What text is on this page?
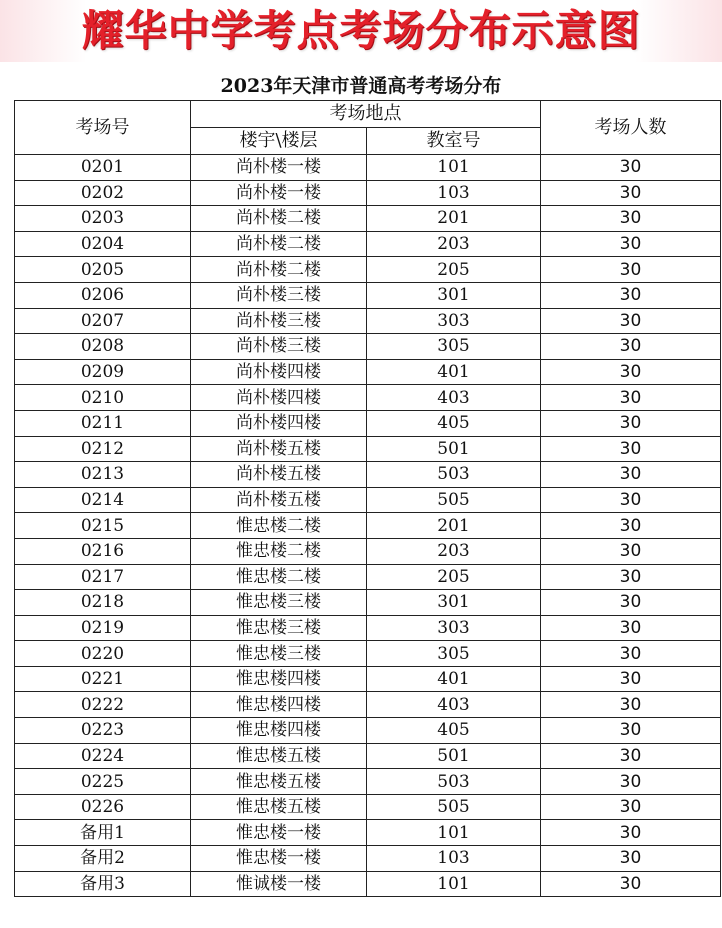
耀华中学考点考场分布示意图
2023年天津市普通高考考场分布
考场号	考场地点		考场人数
	楼宇\楼层	教室号	
0201	尚朴楼一楼	101	30
0202	尚朴楼一楼	103	30
0203	尚朴楼二楼	201	30
0204	尚朴楼二楼	203	30
0205	尚朴楼二楼	205	30
0206	尚朴楼三楼	301	30
0207	尚朴楼三楼	303	30
0208	尚朴楼三楼	305	30
0209	尚朴楼四楼	401	30
0210	尚朴楼四楼	403	30
0211	尚朴楼四楼	405	30
0212	尚朴楼五楼	501	30
0213	尚朴楼五楼	503	30
0214	尚朴楼五楼	505	30
0215	惟忠楼二楼	201	30
0216	惟忠楼二楼	203	30
0217	惟忠楼二楼	205	30
0218	惟忠楼三楼	301	30
0219	惟忠楼三楼	303	30
0220	惟忠楼三楼	305	30
0221	惟忠楼四楼	401	30
0222	惟忠楼四楼	403	30
0223	惟忠楼四楼	405	30
0224	惟忠楼五楼	501	30
0225	惟忠楼五楼	503	30
0226	惟忠楼五楼	505	30
备用1	惟忠楼一楼	101	30
备用2	惟忠楼一楼	103	30
备用3	惟诚楼一楼	101	30
